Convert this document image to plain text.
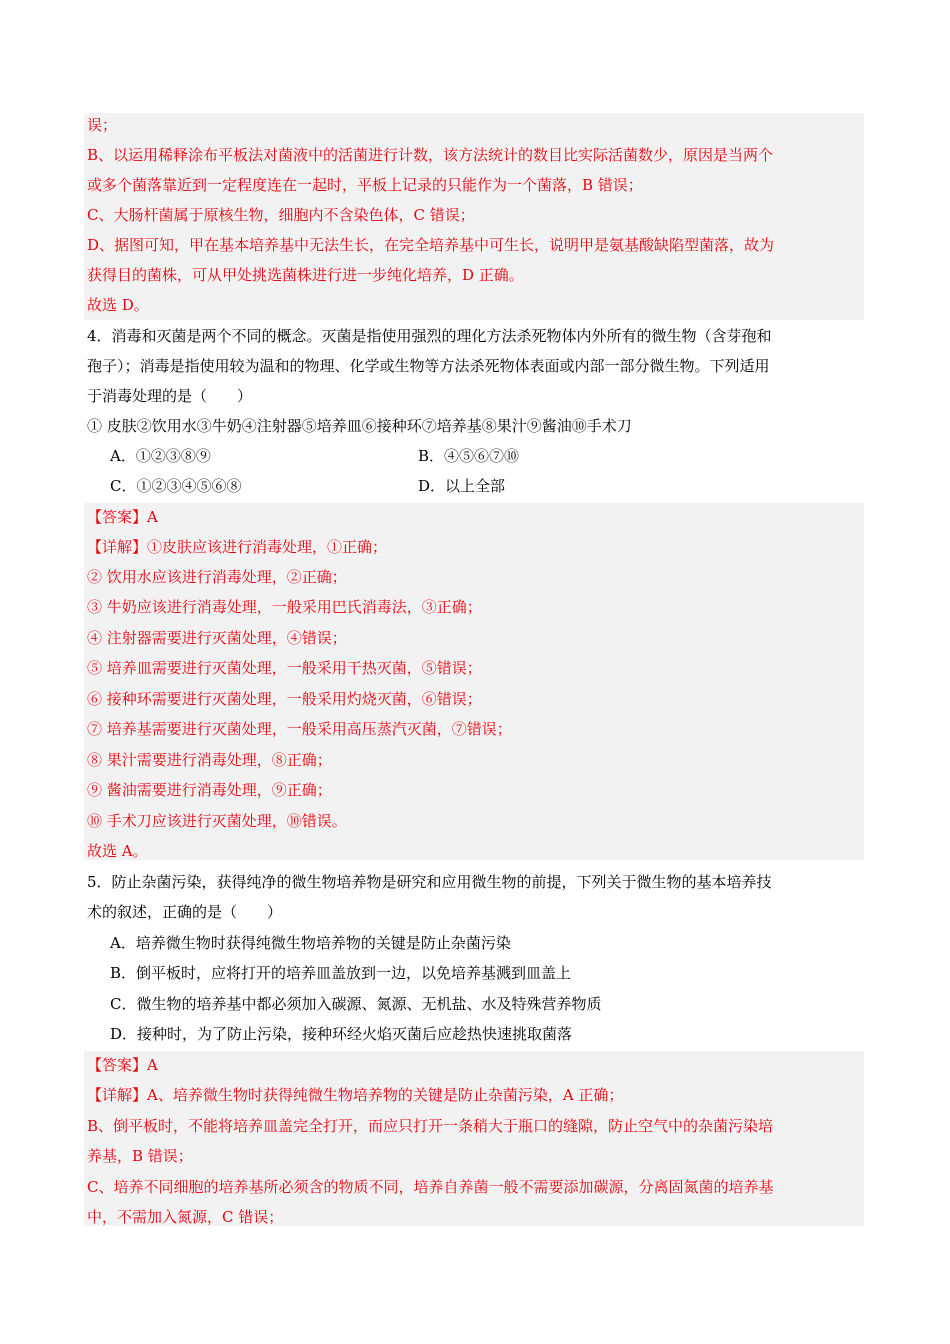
误；
B、以运用稀释涂布平板法对菌液中的活菌进行计数，该方法统计的数目比实际活菌数少，原因是当两个
或多个菌落靠近到一定程度连在一起时，平板上记录的只能作为一个菌落，B 错误；
C、大肠杆菌属于原核生物，细胞内不含染色体，C 错误；
D、据图可知，甲在基本培养基中无法生长，在完全培养基中可生长，说明甲是氨基酸缺陷型菌落，故为
获得目的菌株，可从甲处挑选菌株进行进一步纯化培养，D 正确。
故选 D。
4．消毒和灭菌是两个不同的概念。灭菌是指使用强烈的理化方法杀死物体内外所有的微生物（含芽孢和
孢子）；消毒是指使用较为温和的物理、化学或生物等方法杀死物体表面或内部一部分微生物。下列适用
于消毒处理的是（　　）
① 皮肤②饮用水③牛奶④注射器⑤培养皿⑥接种环⑦培养基⑧果汁⑨酱油⑩手术刀
A．①②③⑧⑨	B．④⑤⑥⑦⑩
C．①②③④⑤⑥⑧	D．以上全部
【答案】A
【详解】①皮肤应该进行消毒处理，①正确；
② 饮用水应该进行消毒处理，②正确；
③ 牛奶应该进行消毒处理，一般采用巴氏消毒法，③正确；
④ 注射器需要进行灭菌处理，④错误；
⑤ 培养皿需要进行灭菌处理，一般采用干热灭菌，⑤错误；
⑥ 接种环需要进行灭菌处理，一般采用灼烧灭菌，⑥错误；
⑦ 培养基需要进行灭菌处理，一般采用高压蒸汽灭菌，⑦错误；
⑧ 果汁需要进行消毒处理，⑧正确；
⑨ 酱油需要进行消毒处理，⑨正确；
⑩ 手术刀应该进行灭菌处理，⑩错误。
故选 A。
5．防止杂菌污染，获得纯净的微生物培养物是研究和应用微生物的前提，下列关于微生物的基本培养技
术的叙述，正确的是（　　）
A．培养微生物时获得纯微生物培养物的关键是防止杂菌污染
B．倒平板时，应将打开的培养皿盖放到一边，以免培养基溅到皿盖上
C．微生物的培养基中都必须加入碳源、氮源、无机盐、水及特殊营养物质
D．接种时，为了防止污染，接种环经火焰灭菌后应趁热快速挑取菌落
【答案】A
【详解】A、培养微生物时获得纯微生物培养物的关键是防止杂菌污染，A 正确；
B、倒平板时，不能将培养皿盖完全打开，而应只打开一条稍大于瓶口的缝隙，防止空气中的杂菌污染培
养基，B 错误；
C、培养不同细胞的培养基所必须含的物质不同，培养自养菌一般不需要添加碳源，分离固氮菌的培养基
中，不需加入氮源，C 错误；
